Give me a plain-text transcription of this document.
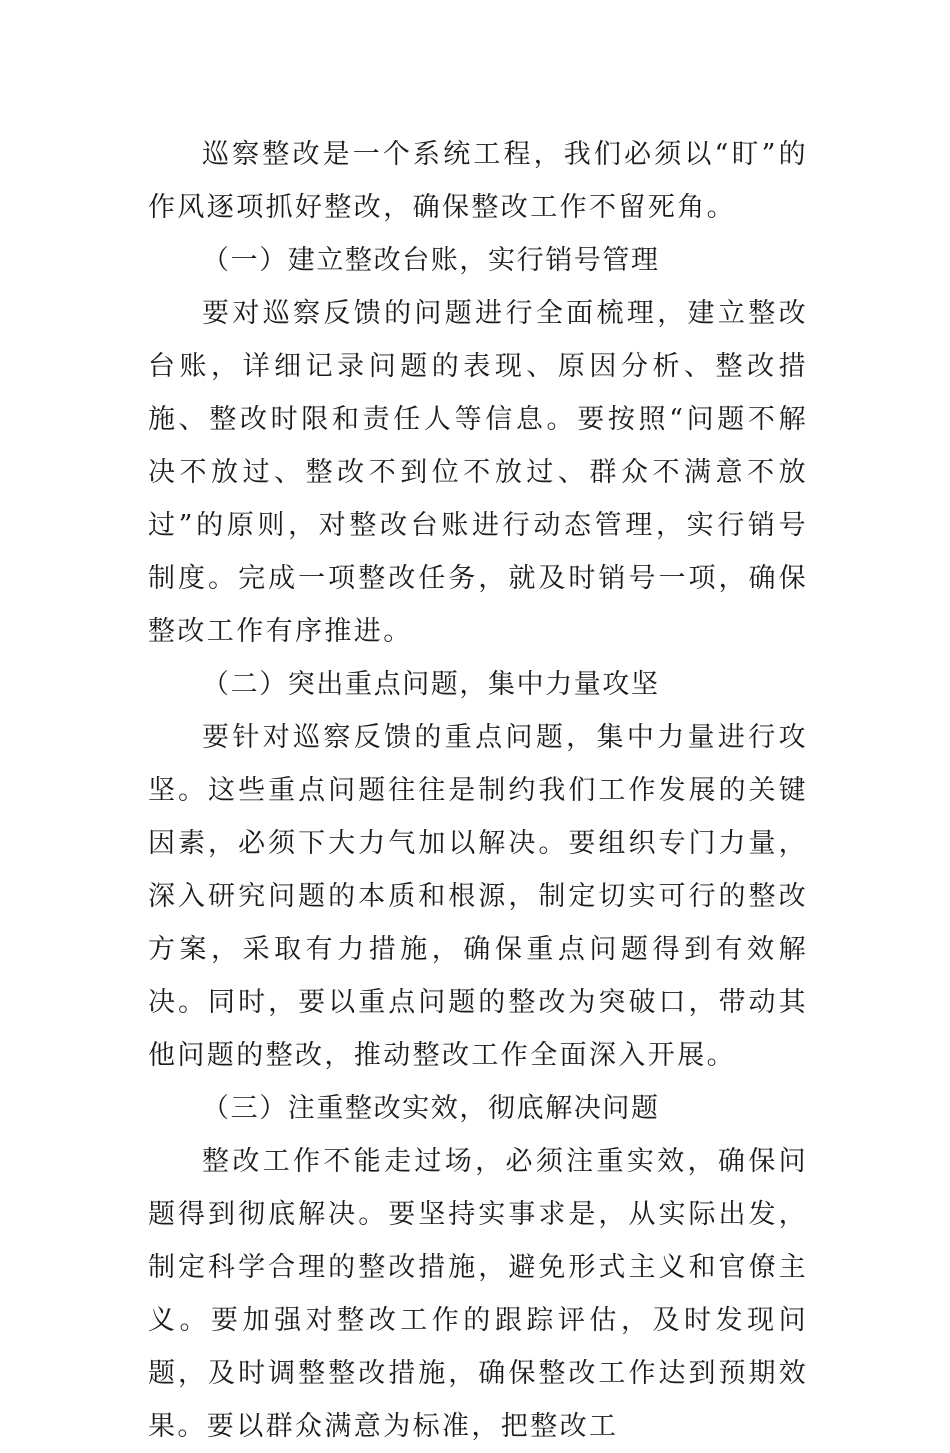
巡察整改是一个系统工程，我们必须以“盯”的作风逐项抓好整改，确保整改工作不留死角。

（一）建立整改台账，实行销号管理

要对巡察反馈的问题进行全面梳理，建立整改台账，详细记录问题的表现、原因分析、整改措施、整改时限和责任人等信息。要按照“问题不解决不放过、整改不到位不放过、群众不满意不放过”的原则，对整改台账进行动态管理，实行销号制度。完成一项整改任务，就及时销号一项，确保整改工作有序推进。

（二）突出重点问题，集中力量攻坚

要针对巡察反馈的重点问题，集中力量进行攻坚。这些重点问题往往是制约我们工作发展的关键因素，必须下大力气加以解决。要组织专门力量，深入研究问题的本质和根源，制定切实可行的整改方案，采取有力措施，确保重点问题得到有效解决。同时，要以重点问题的整改为突破口，带动其他问题的整改，推动整改工作全面深入开展。

（三）注重整改实效，彻底解决问题

整改工作不能走过场，必须注重实效，确保问题得到彻底解决。要坚持实事求是，从实际出发，制定科学合理的整改措施，避免形式主义和官僚主义。要加强对整改工作的跟踪评估，及时发现问题，及时调整整改措施，确保整改工作达到预期效果。要以群众满意为标准，把整改工
